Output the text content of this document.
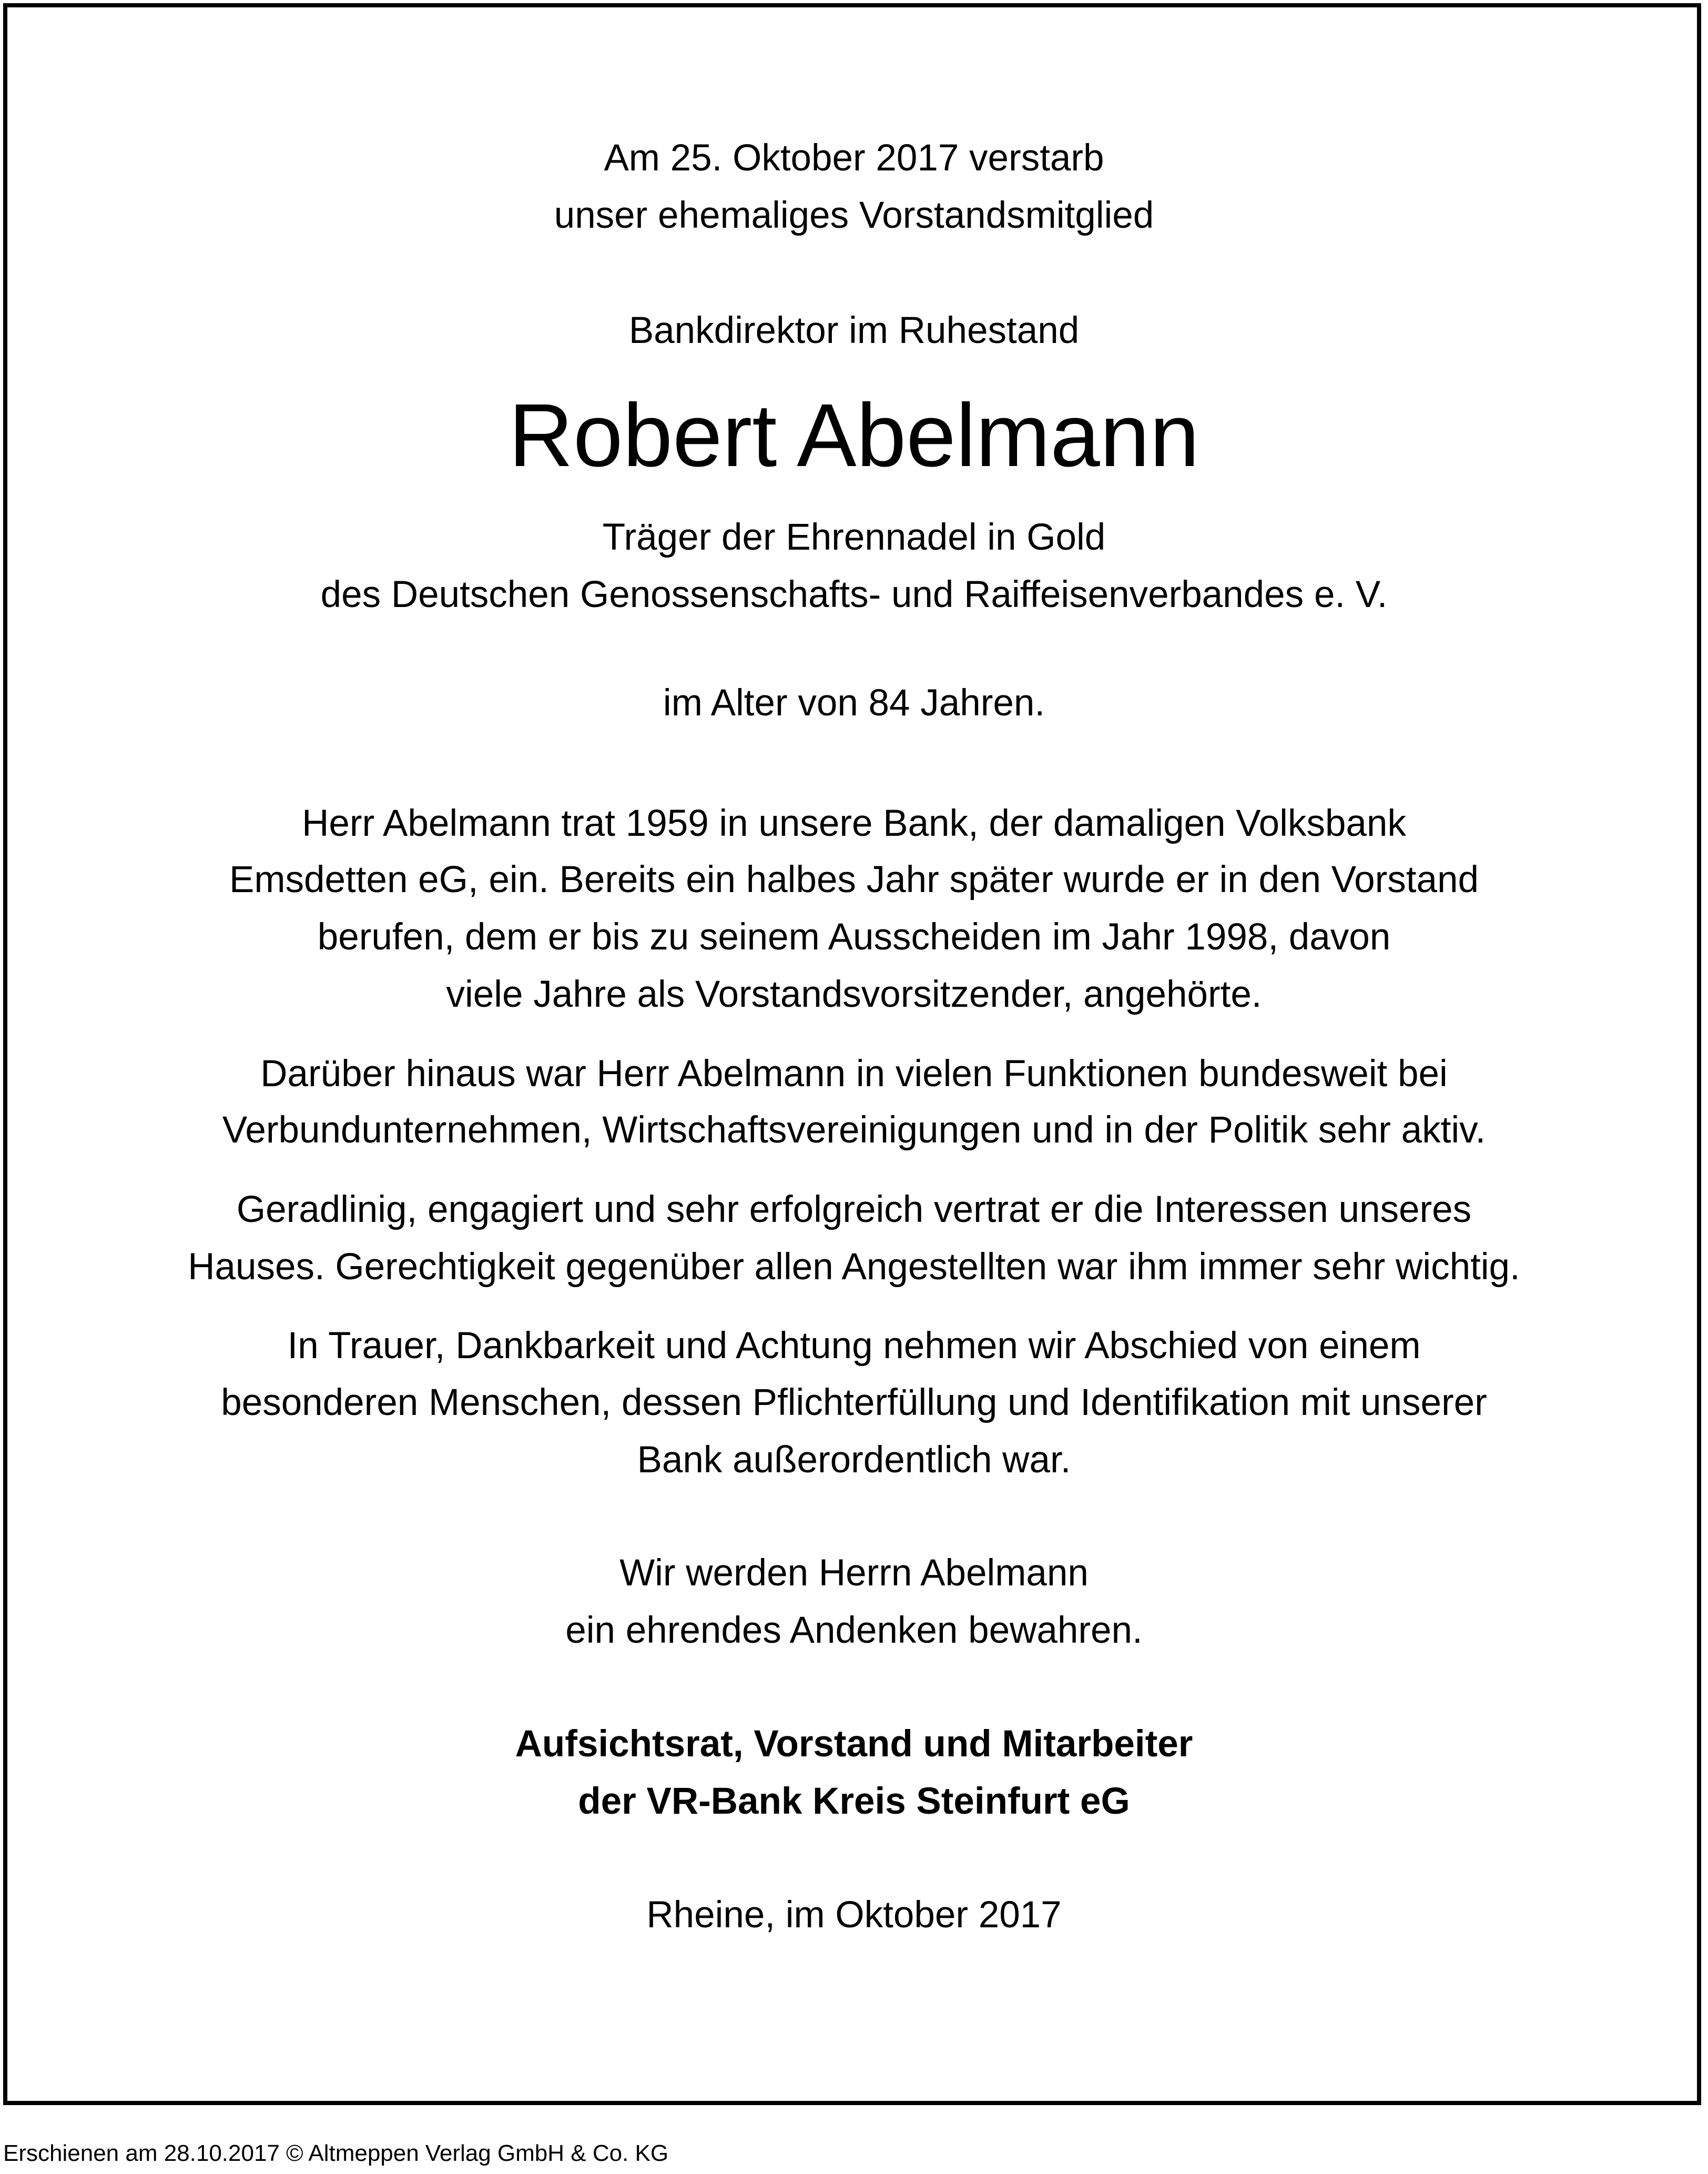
Am 25. Oktober 2017 verstarb
unser ehemaliges Vorstandsmitglied
Bankdirektor im Ruhestand
Robert Abelmann
Träger der Ehrennadel in Gold
des Deutschen Genossenschafts- und Raiffeisenverbandes e. V.
im Alter von 84 Jahren.
Herr Abelmann trat 1959 in unsere Bank, der damaligen Volksbank
Emsdetten eG, ein. Bereits ein halbes Jahr später wurde er in den Vorstand
berufen, dem er bis zu seinem Ausscheiden im Jahr 1998, davon
viele Jahre als Vorstandsvorsitzender, angehörte.
Darüber hinaus war Herr Abelmann in vielen Funktionen bundesweit bei
Verbundunternehmen, Wirtschaftsvereinigungen und in der Politik sehr aktiv.
Geradlinig, engagiert und sehr erfolgreich vertrat er die Interessen unseres
Hauses. Gerechtigkeit gegenüber allen Angestellten war ihm immer sehr wichtig.
In Trauer, Dankbarkeit und Achtung nehmen wir Abschied von einem
besonderen Menschen, dessen Pflichterfüllung und Identifikation mit unserer
Bank außerordentlich war.
Wir werden Herrn Abelmann
ein ehrendes Andenken bewahren.
Aufsichtsrat, Vorstand und Mitarbeiter
der VR-Bank Kreis Steinfurt eG
Rheine, im Oktober 2017
Erschienen am 28.10.2017 © Altmeppen Verlag GmbH & Co. KG
